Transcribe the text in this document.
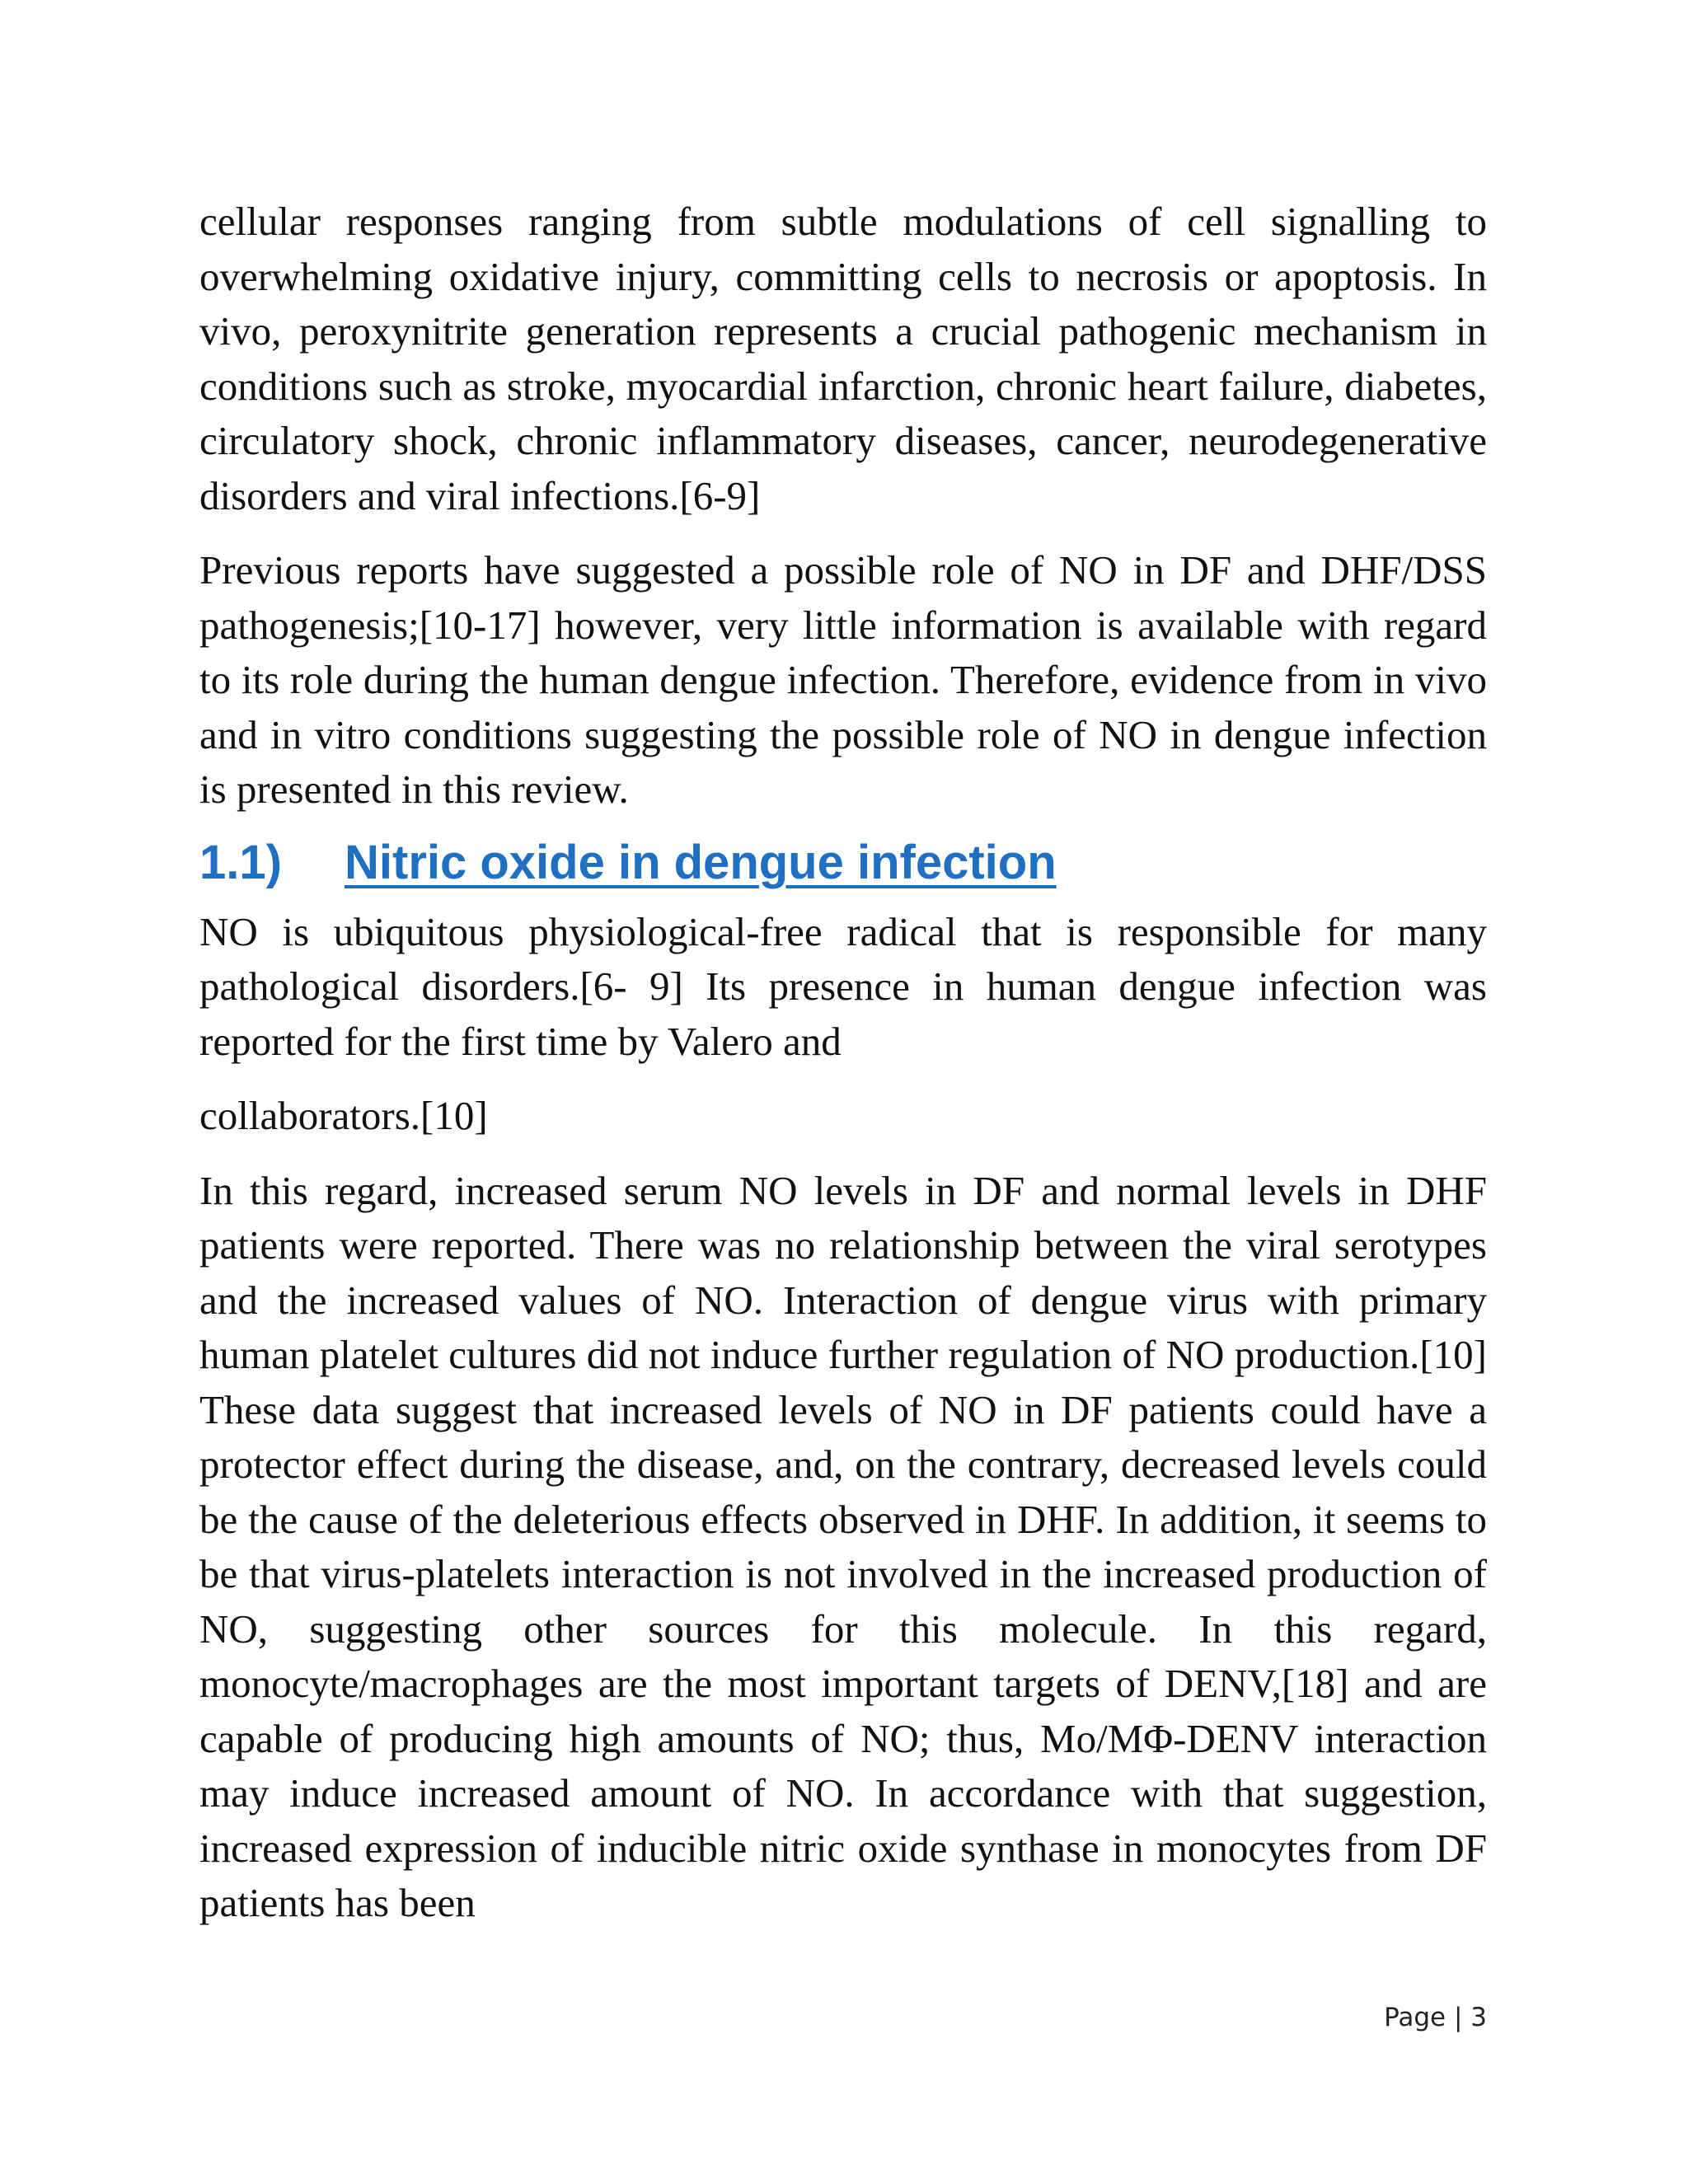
cellular responses ranging from subtle modulations of cell signalling to overwhelming oxidative injury, committing cells to necrosis or apoptosis. In vivo, peroxynitrite generation represents a crucial pathogenic mechanism in conditions such as stroke, myocardial infarction, chronic heart failure, diabetes, circulatory shock, chronic inflammatory diseases, cancer, neurodegenerative disorders and viral infections.[6-9]

Previous reports have suggested a possible role of NO in DF and DHF/DSS pathogenesis;[10-17] however, very little information is available with regard to its role during the human dengue infection. Therefore, evidence from in vivo and in vitro conditions suggesting the possible role of NO in dengue infection is presented in this review.

1.1) Nitric oxide in dengue infection

NO is ubiquitous physiological-free radical that is responsible for many pathological disorders.[6- 9] Its presence in human dengue infection was reported for the first time by Valero and

collaborators.[10]

In this regard, increased serum NO levels in DF and normal levels in DHF patients were reported. There was no relationship between the viral serotypes and the increased values of NO. Interaction of dengue virus with primary human platelet cultures did not induce further regulation of NO production.[10] These data suggest that increased levels of NO in DF patients could have a protector effect during the disease, and, on the contrary, decreased levels could be the cause of the deleterious effects observed in DHF. In addition, it seems to be that virus-platelets interaction is not involved in the increased production of NO, suggesting other sources for this molecule. In this regard, monocyte/macrophages are the most important targets of DENV,[18] and are capable of producing high amounts of NO; thus, Mo/MΦ-DENV interaction may induce increased amount of NO. In accordance with that suggestion, increased expression of inducible nitric oxide synthase in monocytes from DF patients has been

Page | 3
